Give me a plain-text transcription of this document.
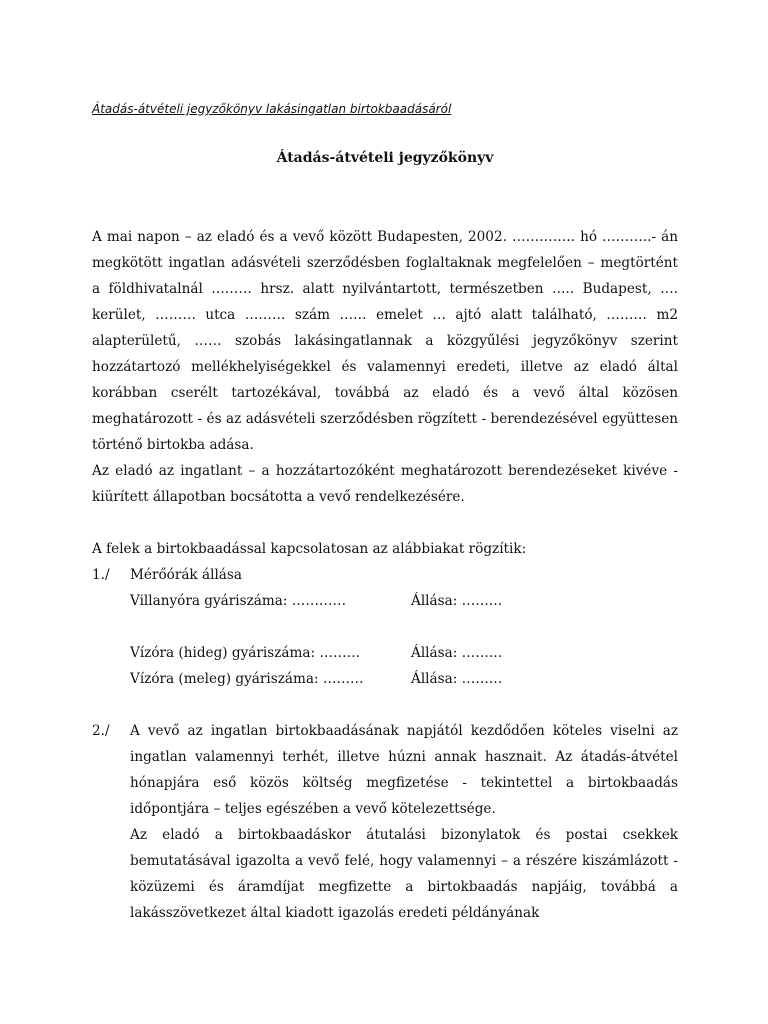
Átadás-átvételi jegyzőkönyv lakásingatlan birtokbaadásáról
Átadás-átvételi jegyzőkönyv

A mai napon – az eladó és a vevő között Budapesten, 2002. ………….. hó ………..- án megkötött ingatlan adásvételi szerződésben foglaltaknak megfelelően – megtörtént a földhivatalnál ……… hrsz. alatt nyilvántartott, természetben ….. Budapest, …. kerület, ……… utca ……… szám …… emelet … ajtó alatt található, ……… m2 alapterületű, …… szobás lakásingatlannak a közgyűlési jegyzőkönyv szerint hozzátartozó mellékhelyiségekkel és valamennyi eredeti, illetve az eladó által korábban cserélt tartozékával, továbbá az eladó és a vevő által közösen meghatározott - és az adásvételi szerződésben rögzített - berendezésével együttesen történő birtokba adása.

Az eladó az ingatlant – a hozzátartozóként meghatározott berendezéseket kivéve - kiürített állapotban bocsátotta a vevő rendelkezésére.

A felek a birtokbaadással kapcsolatosan az alábbiakat rögzítik:

1./	Mérőórák állása
Villanyóra gyáriszáma: …………	Állása: ………
Vízóra (hideg) gyáriszáma: ………	Állása: ………
Vízóra (meleg) gyáriszáma: ………	Állása: ………
2./	A vevő az ingatlan birtokbaadásának napjától kezdődően köteles viselni az ingatlan valamennyi terhét, illetve húzni annak hasznait. Az átadás-átvétel hónapjára eső közös költség megfizetése - tekintettel a birtokbaadás időpontjára – teljes egészében a vevő kötelezettsége.

Az eladó a birtokbaadáskor átutalási bizonylatok és postai csekkek bemutatásával igazolta a vevő felé, hogy valamennyi – a részére kiszámlázott - közüzemi és áramdíjat megfizette a birtokbaadás napjáig, továbbá a lakásszövetkezet által kiadott igazolás eredeti példányának
